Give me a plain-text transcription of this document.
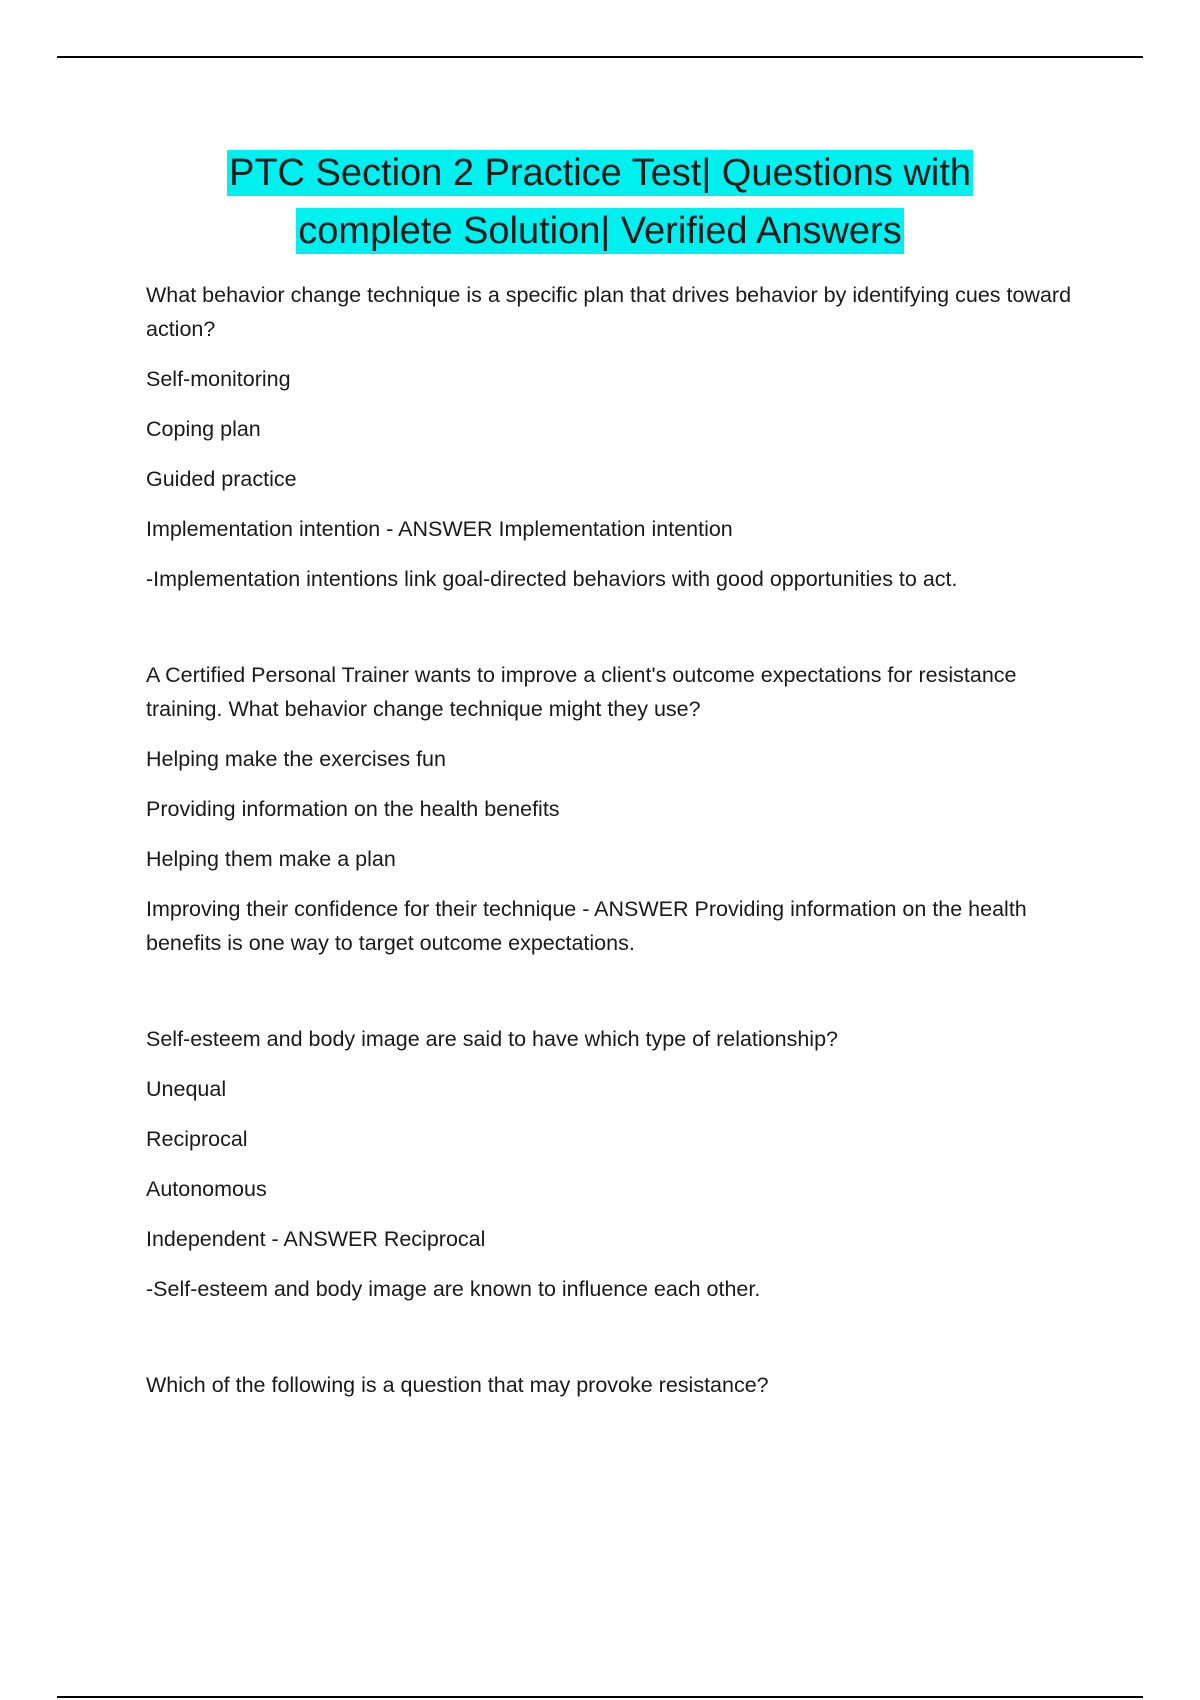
PTC Section 2 Practice Test| Questions with
complete Solution| Verified Answers

What behavior change technique is a specific plan that drives behavior by identifying cues toward action?

Self-monitoring

Coping plan

Guided practice

Implementation intention - ANSWER Implementation intention

-Implementation intentions link goal-directed behaviors with good opportunities to act.

A Certified Personal Trainer wants to improve a client's outcome expectations for resistance training. What behavior change technique might they use?

Helping make the exercises fun

Providing information on the health benefits

Helping them make a plan

Improving their confidence for their technique - ANSWER Providing information on the health benefits is one way to target outcome expectations.

Self-esteem and body image are said to have which type of relationship?

Unequal

Reciprocal

Autonomous

Independent - ANSWER Reciprocal

-Self-esteem and body image are known to influence each other.

Which of the following is a question that may provoke resistance?
